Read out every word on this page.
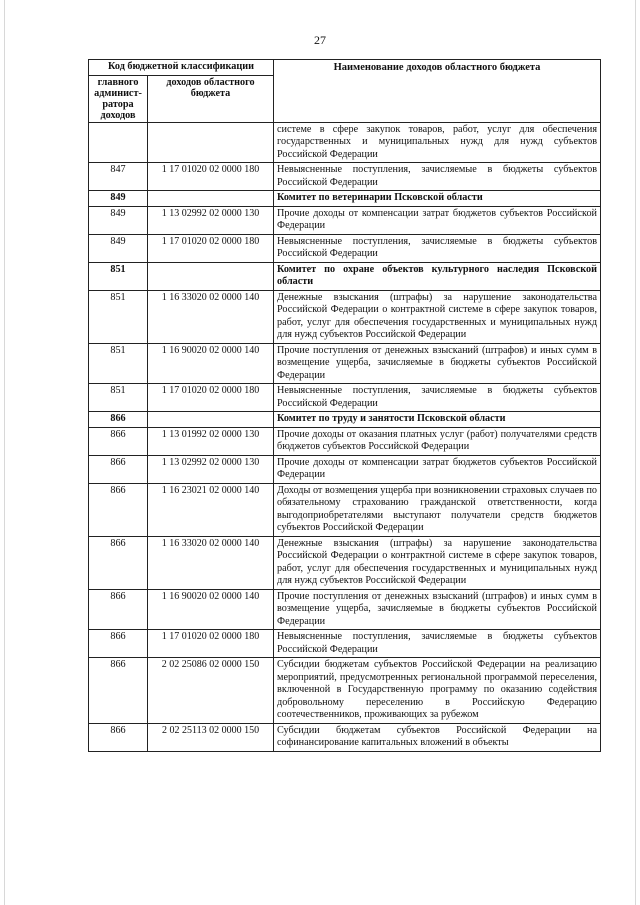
27
Код бюджетной классификации		Наименование доходов областного бюджета
главного админист-ратора доходов	доходов областного бюджета	
		системе в сфере закупок товаров, работ, услуг для обеспечения государственных и муниципальных нужд для нужд субъектов Российской Федерации
847	1 17 01020 02 0000 180	Невыясненные поступления, зачисляемые в бюджеты субъектов Российской Федерации
849		Комитет по ветеринарии Псковской области
849	1 13 02992 02 0000 130	Прочие доходы от компенсации затрат бюджетов субъектов Российской Федерации
849	1 17 01020 02 0000 180	Невыясненные поступления, зачисляемые в бюджеты субъектов Российской Федерации
851		Комитет по охране объектов культурного наследия Псковской области
851	1 16 33020 02 0000 140	Денежные взыскания (штрафы) за нарушение законодательства Российской Федерации о контрактной системе в сфере закупок товаров, работ, услуг для обеспечения государственных и муниципальных нужд для нужд субъектов Российской Федерации
851	1 16 90020 02 0000 140	Прочие поступления от денежных взысканий (штрафов) и иных сумм в возмещение ущерба, зачисляемые в бюджеты субъектов Российской Федерации
851	1 17 01020 02 0000 180	Невыясненные поступления, зачисляемые в бюджеты субъектов Российской Федерации
866		Комитет по труду и занятости Псковской области
866	1 13 01992 02 0000 130	Прочие доходы от оказания платных услуг (работ) получателями средств бюджетов субъектов Российской Федерации
866	1 13 02992 02 0000 130	Прочие доходы от компенсации затрат бюджетов субъектов Российской Федерации
866	1 16 23021 02 0000 140	Доходы от возмещения ущерба при возникновении страховых случаев по обязательному страхованию гражданской ответственности, когда выгодоприобретателями выступают получатели средств бюджетов субъектов Российской Федерации
866	1 16 33020 02 0000 140	Денежные взыскания (штрафы) за нарушение законодательства Российской Федерации о контрактной системе в сфере закупок товаров, работ, услуг для обеспечения государственных и муниципальных нужд для нужд субъектов Российской Федерации
866	1 16 90020 02 0000 140	Прочие поступления от денежных взысканий (штрафов) и иных сумм в возмещение ущерба, зачисляемые в бюджеты субъектов Российской Федерации
866	1 17 01020 02 0000 180	Невыясненные поступления, зачисляемые в бюджеты субъектов Российской Федерации
866	2 02 25086 02 0000 150	Субсидии бюджетам субъектов Российской Федерации на реализацию мероприятий, предусмотренных региональной программой переселения, включенной в Государственную программу по оказанию содействия добровольному переселению в Российскую Федерацию соотечественников, проживающих за рубежом
866	2 02 25113 02 0000 150	Субсидии бюджетам субъектов Российской Федерации на софинансирование капитальных вложений в объекты
